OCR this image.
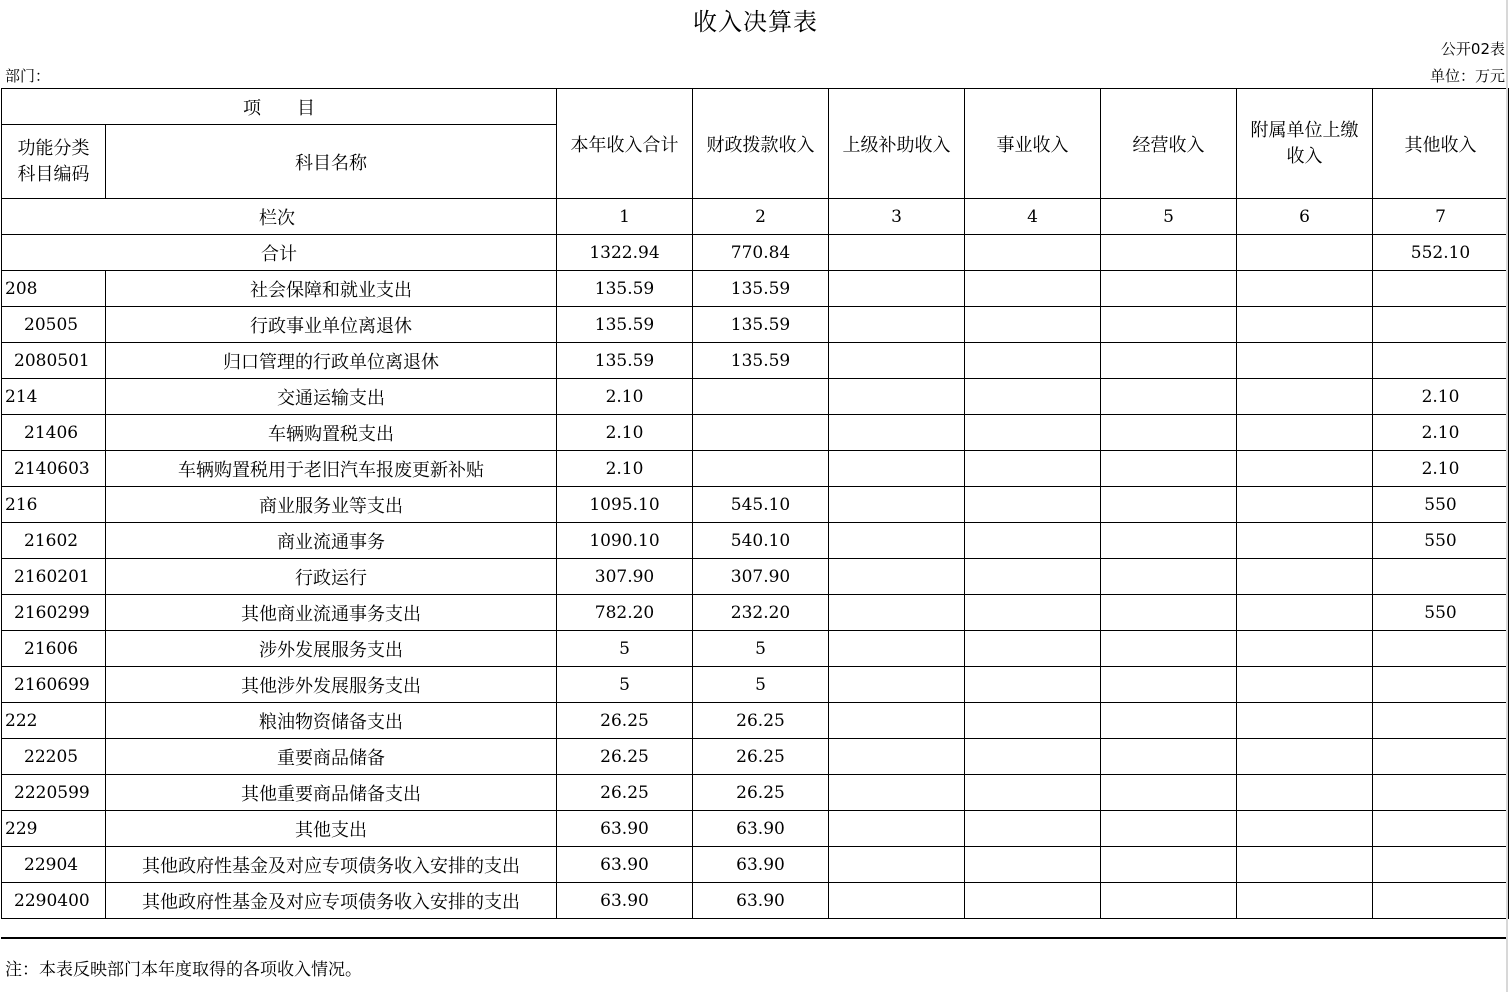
收入决算表
公开02表
部门：	单位：万元
项　　目		本年收入合计	财政拨款收入	上级补助收入	事业收入	经营收入	附属单位上缴收入	其他收入
功能分类科目编码	科目名称							
栏次		1	2	3	4	5	6	7
合计		1322.94	770.84					552.10
208	社会保障和就业支出	135.59	135.59					
20505	行政事业单位离退休	135.59	135.59					
2080501	归口管理的行政单位离退休	135.59	135.59					
214	交通运输支出	2.10						2.10
21406	车辆购置税支出	2.10						2.10
2140603	车辆购置税用于老旧汽车报废更新补贴	2.10						2.10
216	商业服务业等支出	1095.10	545.10					550
21602	商业流通事务	1090.10	540.10					550
2160201	行政运行	307.90	307.90					
2160299	其他商业流通事务支出	782.20	232.20					550
21606	涉外发展服务支出	5	5					
2160699	其他涉外发展服务支出	5	5					
222	粮油物资储备支出	26.25	26.25					
22205	重要商品储备	26.25	26.25					
2220599	其他重要商品储备支出	26.25	26.25					
229	其他支出	63.90	63.90					
22904	其他政府性基金及对应专项债务收入安排的支出	63.90	63.90					
2290400	其他政府性基金及对应专项债务收入安排的支出	63.90	63.90					
注：本表反映部门本年度取得的各项收入情况。
